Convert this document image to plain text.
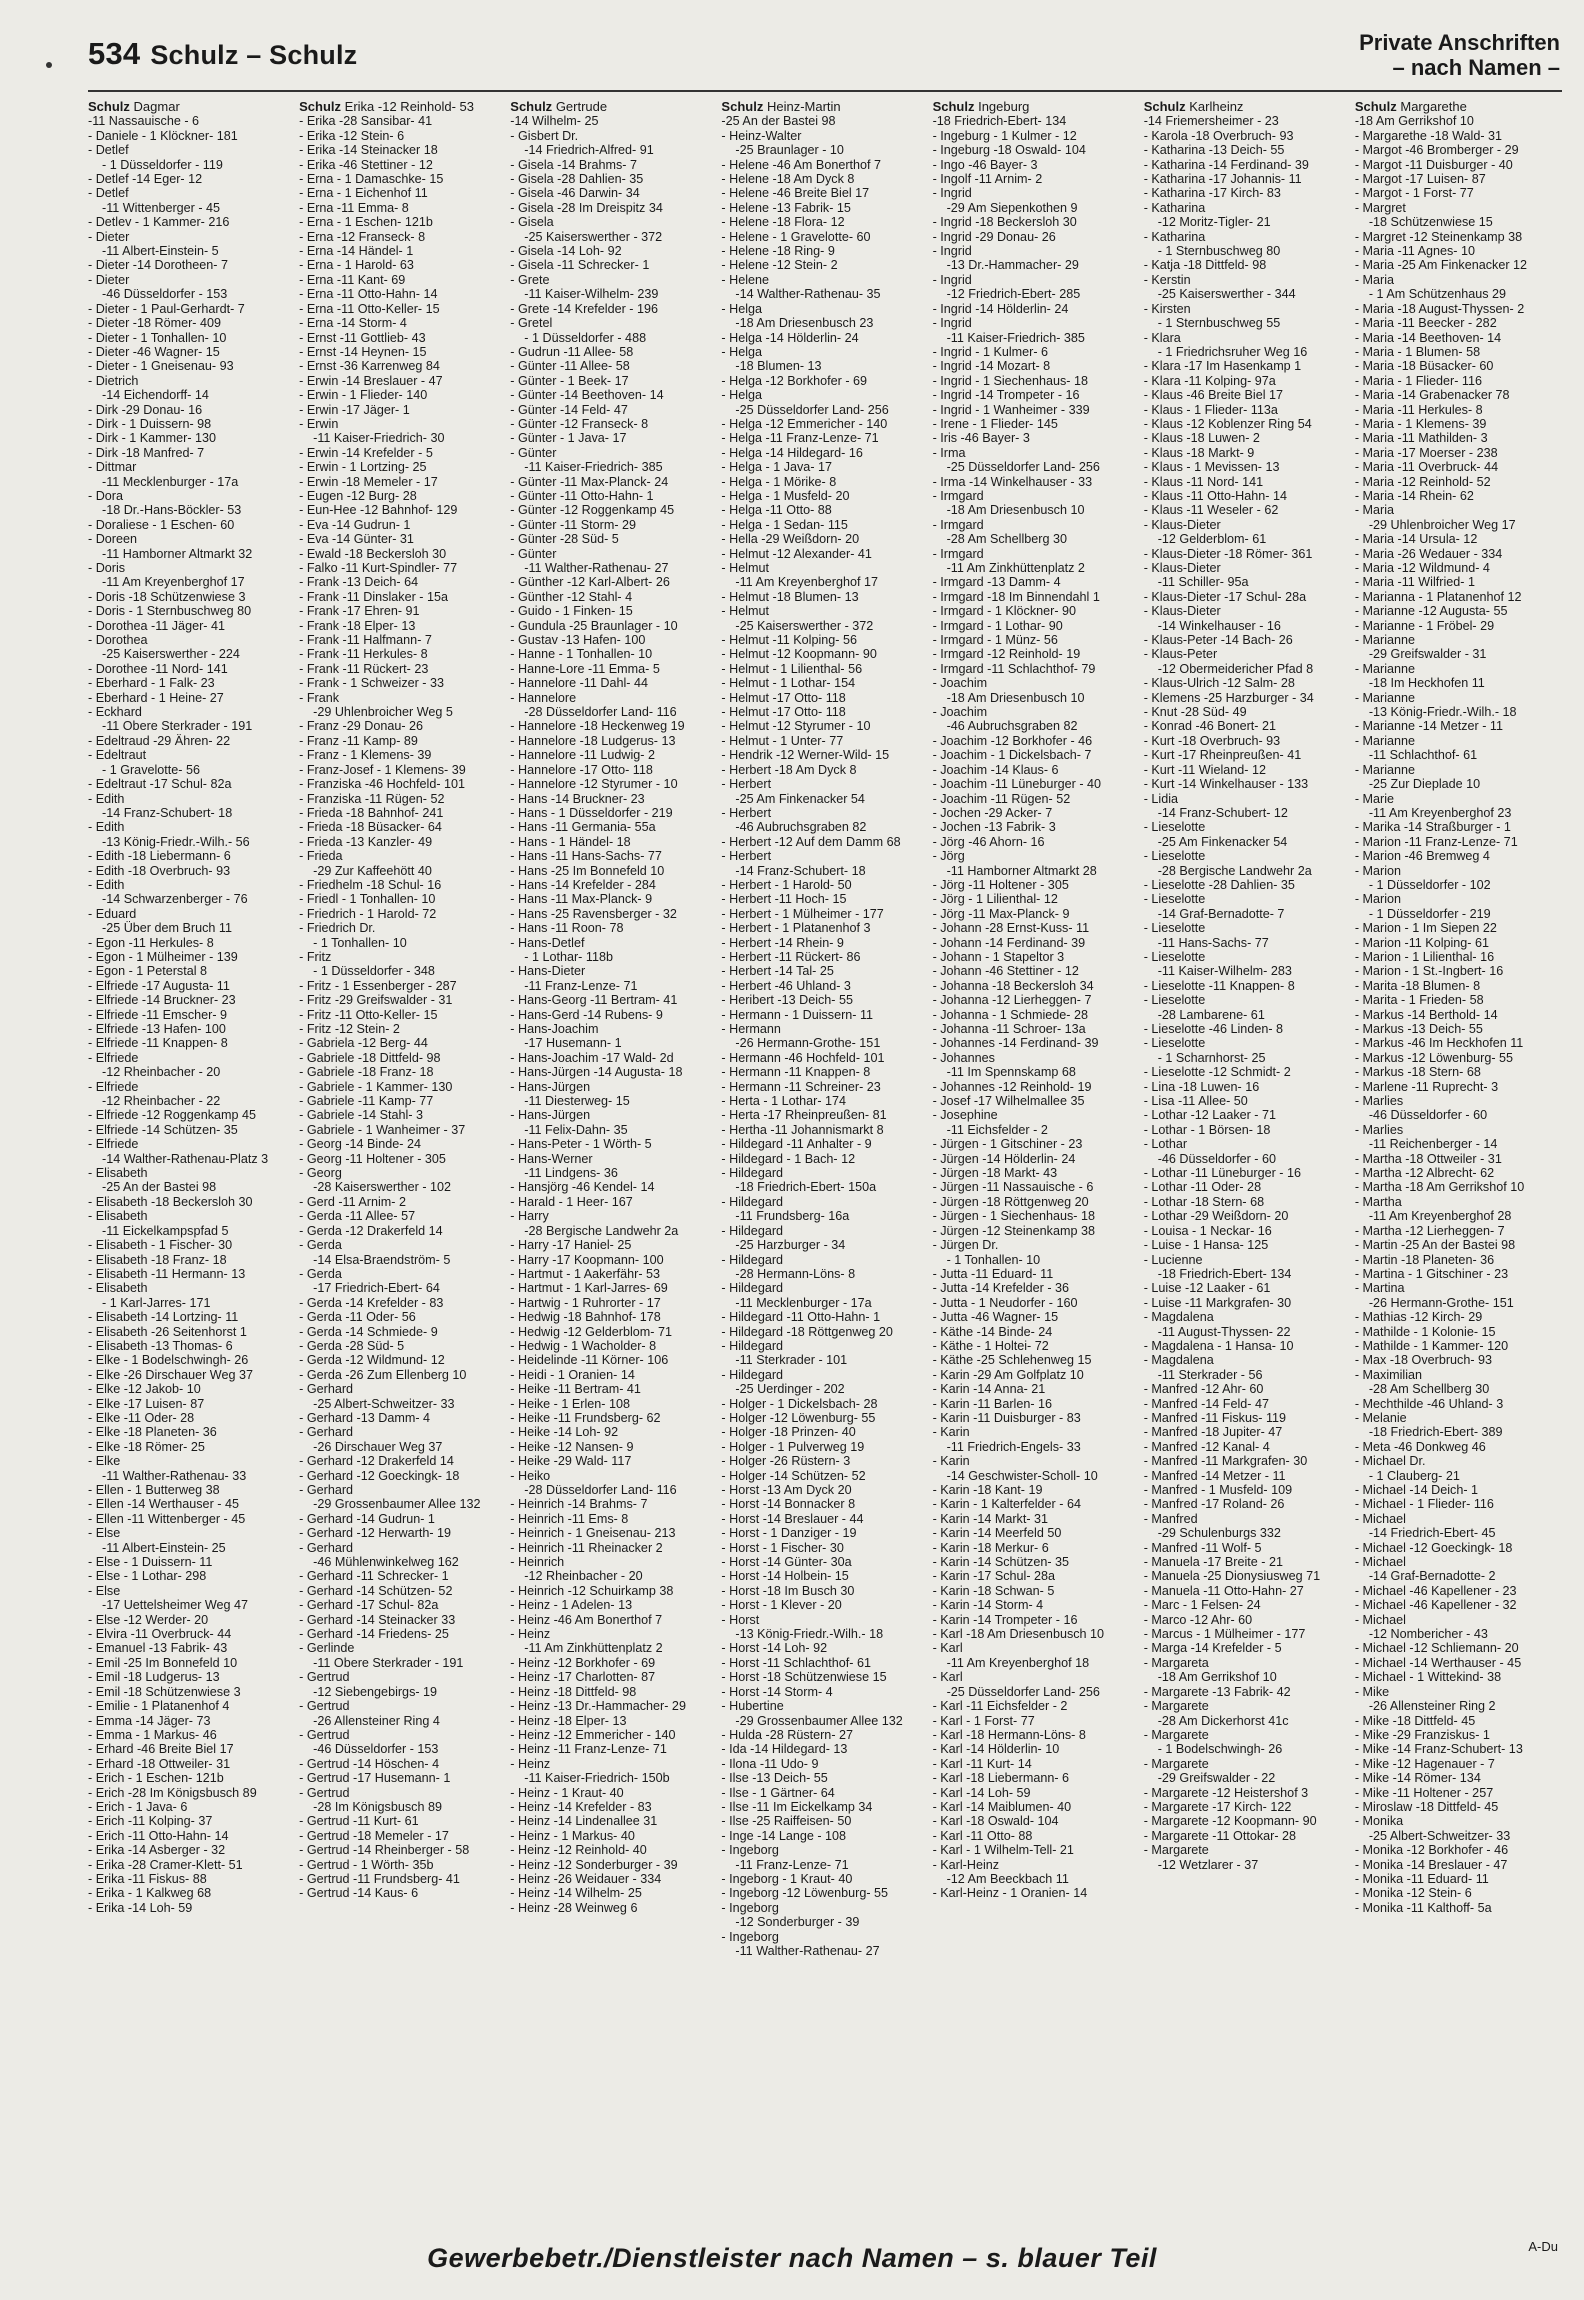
534 Schulz – Schulz	Private Anschriften
– nach Namen –
Schulz Dagmar
-11 Nassauische - 6
- Daniele - 1 Klöckner- 181
- Detlef
- 1 Düsseldorfer - 119
- Detlef -14 Eger- 12
- Detlef
-11 Wittenberger - 45
- Detlev - 1 Kammer- 216
- Dieter
-11 Albert-Einstein- 5
- Dieter -14 Dorotheen- 7
- Dieter
-46 Düsseldorfer - 153
- Dieter - 1 Paul-Gerhardt- 7
- Dieter -18 Römer- 409
- Dieter - 1 Tonhallen- 10
- Dieter -46 Wagner- 15
- Dieter - 1 Gneisenau- 93
- Dietrich
-14 Eichendorff- 14
- Dirk -29 Donau- 16
- Dirk - 1 Duissern- 98
- Dirk - 1 Kammer- 130
- Dirk -18 Manfred- 7
- Dittmar
-11 Mecklenburger - 17a
- Dora
-18 Dr.-Hans-Böckler- 53
- Doraliese - 1 Eschen- 60
- Doreen
-11 Hamborner Altmarkt 32
- Doris
-11 Am Kreyenberghof 17
- Doris -18 Schützenwiese 3
- Doris - 1 Sternbuschweg 80
- Dorothea -11 Jäger- 41
- Dorothea
-25 Kaiserswerther - 224
- Dorothee -11 Nord- 141
- Eberhard - 1 Falk- 23
- Eberhard - 1 Heine- 27
- Eckhard
-11 Obere Sterkrader - 191
- Edeltraud -29 Ähren- 22
- Edeltraut
- 1 Gravelotte- 56
- Edeltraut -17 Schul- 82a
- Edith
-14 Franz-Schubert- 18
- Edith
-13 König-Friedr.-Wilh.- 56
- Edith -18 Liebermann- 6
- Edith -18 Overbruch- 93
- Edith
-14 Schwarzenberger - 76
- Eduard
-25 Über dem Bruch 11
- Egon -11 Herkules- 8
- Egon - 1 Mülheimer - 139
- Egon - 1 Peterstal 8
- Elfriede -17 Augusta- 11
- Elfriede -14 Bruckner- 23
- Elfriede -11 Emscher- 9
- Elfriede -13 Hafen- 100
- Elfriede -11 Knappen- 8
- Elfriede
-12 Rheinbacher - 20
- Elfriede
-12 Rheinbacher - 22
- Elfriede -12 Roggenkamp 45
- Elfriede -14 Schützen- 35
- Elfriede
-14 Walther-Rathenau-Platz 3
- Elisabeth
-25 An der Bastei 98
- Elisabeth -18 Beckersloh 30
- Elisabeth
-11 Eickelkampspfad 5
- Elisabeth - 1 Fischer- 30
- Elisabeth -18 Franz- 18
- Elisabeth -11 Hermann- 13
- Elisabeth
- 1 Karl-Jarres- 171
- Elisabeth -14 Lortzing- 11
- Elisabeth -26 Seitenhorst 1
- Elisabeth -13 Thomas- 6
- Elke - 1 Bodelschwingh- 26
- Elke -26 Dirschauer Weg 37
- Elke -12 Jakob- 10
- Elke -17 Luisen- 87
- Elke -11 Oder- 28
- Elke -18 Planeten- 36
- Elke -18 Römer- 25
- Elke
-11 Walther-Rathenau- 33
- Ellen - 1 Butterweg 38
- Ellen -14 Werthauser - 45
- Ellen -11 Wittenberger - 45
- Else
-11 Albert-Einstein- 25
- Else - 1 Duissern- 11
- Else - 1 Lothar- 298
- Else
-17 Uettelsheimer Weg 47
- Else -12 Werder- 20
- Elvira -11 Overbruck- 44
- Emanuel -13 Fabrik- 43
- Emil -25 Im Bonnefeld 10
- Emil -18 Ludgerus- 13
- Emil -18 Schützenwiese 3
- Emilie - 1 Platanenhof 4
- Emma -14 Jäger- 73
- Emma - 1 Markus- 46
- Erhard -46 Breite Biel 17
- Erhard -18 Ottweiler- 31
- Erich - 1 Eschen- 121b
- Erich -28 Im Königsbusch 89
- Erich - 1 Java- 6
- Erich -11 Kolping- 37
- Erich -11 Otto-Hahn- 14
- Erika -14 Asberger - 32
- Erika -28 Cramer-Klett- 51
- Erika -11 Fiskus- 88
- Erika - 1 Kalkweg 68
- Erika -14 Loh- 59
Schulz Erika -12 Reinhold- 53
- Erika -28 Sansibar- 41
- Erika -12 Stein- 6
- Erika -14 Steinacker 18
- Erika -46 Stettiner - 12
- Erna - 1 Damaschke- 15
- Erna - 1 Eichenhof 11
- Erna -11 Emma- 8
- Erna - 1 Eschen- 121b
- Erna -12 Franseck- 8
- Erna -14 Händel- 1
- Erna - 1 Harold- 63
- Erna -11 Kant- 69
- Erna -11 Otto-Hahn- 14
- Erna -11 Otto-Keller- 15
- Erna -14 Storm- 4
- Ernst -11 Gottlieb- 43
- Ernst -14 Heynen- 15
- Ernst -36 Karrenweg 84
- Erwin -14 Breslauer - 47
- Erwin - 1 Flieder- 140
- Erwin -17 Jäger- 1
- Erwin
-11 Kaiser-Friedrich- 30
- Erwin -14 Krefelder - 5
- Erwin - 1 Lortzing- 25
- Erwin -18 Memeler - 17
- Eugen -12 Burg- 28
- Eun-Hee -12 Bahnhof- 129
- Eva -14 Gudrun- 1
- Eva -14 Günter- 31
- Ewald -18 Beckersloh 30
- Falko -11 Kurt-Spindler- 77
- Frank -13 Deich- 64
- Frank -11 Dinslaker - 15a
- Frank -17 Ehren- 91
- Frank -18 Elper- 13
- Frank -11 Halfmann- 7
- Frank -11 Herkules- 8
- Frank -11 Rückert- 23
- Frank - 1 Schweizer - 33
- Frank
-29 Uhlenbroicher Weg 5
- Franz -29 Donau- 26
- Franz -11 Kamp- 89
- Franz - 1 Klemens- 39
- Franz-Josef - 1 Klemens- 39
- Franziska -46 Hochfeld- 101
- Franziska -11 Rügen- 52
- Frieda -18 Bahnhof- 241
- Frieda -18 Büsacker- 64
- Frieda -13 Kanzler- 49
- Frieda
-29 Zur Kaffeehött 40
- Friedhelm -18 Schul- 16
- Friedl - 1 Tonhallen- 10
- Friedrich - 1 Harold- 72
- Friedrich Dr.
- 1 Tonhallen- 10
- Fritz
- 1 Düsseldorfer - 348
- Fritz - 1 Essenberger - 287
- Fritz -29 Greifswalder - 31
- Fritz -11 Otto-Keller- 15
- Fritz -12 Stein- 2
- Gabriela -12 Berg- 44
- Gabriele -18 Dittfeld- 98
- Gabriele -18 Franz- 18
- Gabriele - 1 Kammer- 130
- Gabriele -11 Kamp- 77
- Gabriele -14 Stahl- 3
- Gabriele - 1 Wanheimer - 37
- Georg -14 Binde- 24
- Georg -11 Holtener - 305
- Georg
-28 Kaiserswerther - 102
- Gerd -11 Arnim- 2
- Gerda -11 Allee- 57
- Gerda -12 Drakerfeld 14
- Gerda
-14 Elsa-Braendström- 5
- Gerda
-17 Friedrich-Ebert- 64
- Gerda -14 Krefelder - 83
- Gerda -11 Oder- 56
- Gerda -14 Schmiede- 9
- Gerda -28 Süd- 5
- Gerda -12 Wildmund- 12
- Gerda -26 Zum Ellenberg 10
- Gerhard
-25 Albert-Schweitzer- 33
- Gerhard -13 Damm- 4
- Gerhard
-26 Dirschauer Weg 37
- Gerhard -12 Drakerfeld 14
- Gerhard -12 Goeckingk- 18
- Gerhard
-29 Grossenbaumer Allee 132
- Gerhard -14 Gudrun- 1
- Gerhard -12 Herwarth- 19
- Gerhard
-46 Mühlenwinkelweg 162
- Gerhard -11 Schrecker- 1
- Gerhard -14 Schützen- 52
- Gerhard -17 Schul- 82a
- Gerhard -14 Steinacker 33
- Gerhard -14 Friedens- 25
- Gerlinde
-11 Obere Sterkrader - 191
- Gertrud
-12 Siebengebirgs- 19
- Gertrud
-26 Allensteiner Ring 4
- Gertrud
-46 Düsseldorfer - 153
- Gertrud -14 Höschen- 4
- Gertrud -17 Husemann- 1
- Gertrud
-28 Im Königsbusch 89
- Gertrud -11 Kurt- 61
- Gertrud -18 Memeler - 17
- Gertrud -14 Rheinberger - 58
- Gertrud - 1 Wörth- 35b
- Gertrud -11 Frundsberg- 41
- Gertrud -14 Kaus- 6
Schulz Gertrude
-14 Wilhelm- 25
- Gisbert Dr.
-14 Friedrich-Alfred- 91
- Gisela -14 Brahms- 7
- Gisela -28 Dahlien- 35
- Gisela -46 Darwin- 34
- Gisela -28 Im Dreispitz 34
- Gisela
-25 Kaiserswerther - 372
- Gisela -14 Loh- 92
- Gisela -11 Schrecker- 1
- Grete
-11 Kaiser-Wilhelm- 239
- Grete -14 Krefelder - 196
- Gretel
- 1 Düsseldorfer - 488
- Gudrun -11 Allee- 58
- Günter -11 Allee- 58
- Günter - 1 Beek- 17
- Günter -14 Beethoven- 14
- Günter -14 Feld- 47
- Günter -12 Franseck- 8
- Günter - 1 Java- 17
- Günter
-11 Kaiser-Friedrich- 385
- Günter -11 Max-Planck- 24
- Günter -11 Otto-Hahn- 1
- Günter -12 Roggenkamp 45
- Günter -11 Storm- 29
- Günter -28 Süd- 5
- Günter
-11 Walther-Rathenau- 27
- Günther -12 Karl-Albert- 26
- Günther -12 Stahl- 4
- Guido - 1 Finken- 15
- Gundula -25 Braunlager - 10
- Gustav -13 Hafen- 100
- Hanne - 1 Tonhallen- 10
- Hanne-Lore -11 Emma- 5
- Hannelore -11 Dahl- 44
- Hannelore
-28 Düsseldorfer Land- 116
- Hannelore -18 Heckenweg 19
- Hannelore -18 Ludgerus- 13
- Hannelore -11 Ludwig- 2
- Hannelore -17 Otto- 118
- Hannelore -12 Styrumer - 10
- Hans -14 Bruckner- 23
- Hans - 1 Düsseldorfer - 219
- Hans -11 Germania- 55a
- Hans - 1 Händel- 18
- Hans -11 Hans-Sachs- 77
- Hans -25 Im Bonnefeld 10
- Hans -14 Krefelder - 284
- Hans -11 Max-Planck- 9
- Hans -25 Ravensberger - 32
- Hans -11 Roon- 78
- Hans-Detlef
- 1 Lothar- 118b
- Hans-Dieter
-11 Franz-Lenze- 71
- Hans-Georg -11 Bertram- 41
- Hans-Gerd -14 Rubens- 9
- Hans-Joachim
-17 Husemann- 1
- Hans-Joachim -17 Wald- 2d
- Hans-Jürgen -14 Augusta- 18
- Hans-Jürgen
-11 Diesterweg- 15
- Hans-Jürgen
-11 Felix-Dahn- 35
- Hans-Peter - 1 Wörth- 5
- Hans-Werner
-11 Lindgens- 36
- Hansjörg -46 Kendel- 14
- Harald - 1 Heer- 167
- Harry
-28 Bergische Landwehr 2a
- Harry -17 Haniel- 25
- Harry -17 Koopmann- 100
- Hartmut - 1 Aakerfähr- 53
- Hartmut - 1 Karl-Jarres- 69
- Hartwig - 1 Ruhrorter - 17
- Hedwig -18 Bahnhof- 178
- Hedwig -12 Gelderblom- 71
- Hedwig - 1 Wacholder- 8
- Heidelinde -11 Körner- 106
- Heidi - 1 Oranien- 14
- Heike -11 Bertram- 41
- Heike - 1 Erlen- 108
- Heike -11 Frundsberg- 62
- Heike -14 Loh- 92
- Heike -12 Nansen- 9
- Heike -29 Wald- 117
- Heiko
-28 Düsseldorfer Land- 116
- Heinrich -14 Brahms- 7
- Heinrich -11 Ems- 8
- Heinrich - 1 Gneisenau- 213
- Heinrich -11 Rheinacker 2
- Heinrich
-12 Rheinbacher - 20
- Heinrich -12 Schuirkamp 38
- Heinz - 1 Adelen- 13
- Heinz -46 Am Bonerthof 7
- Heinz
-11 Am Zinkhüttenplatz 2
- Heinz -12 Borkhofer - 69
- Heinz -17 Charlotten- 87
- Heinz -18 Dittfeld- 98
- Heinz -13 Dr.-Hammacher- 29
- Heinz -18 Elper- 13
- Heinz -12 Emmericher - 140
- Heinz -11 Franz-Lenze- 71
- Heinz
-11 Kaiser-Friedrich- 150b
- Heinz - 1 Kraut- 40
- Heinz -14 Krefelder - 83
- Heinz -14 Lindenallee 31
- Heinz - 1 Markus- 40
- Heinz -12 Reinhold- 40
- Heinz -12 Sonderburger - 39
- Heinz -26 Weidauer - 334
- Heinz -14 Wilhelm- 25
- Heinz -28 Weinweg 6
Schulz Heinz-Martin
-25 An der Bastei 98
- Heinz-Walter
-25 Braunlager - 10
- Helene -46 Am Bonerthof 7
- Helene -18 Am Dyck 8
- Helene -46 Breite Biel 17
- Helene -13 Fabrik- 15
- Helene -18 Flora- 12
- Helene - 1 Gravelotte- 60
- Helene -18 Ring- 9
- Helene -12 Stein- 2
- Helene
-14 Walther-Rathenau- 35
- Helga
-18 Am Driesenbusch 23
- Helga -14 Hölderlin- 24
- Helga
-18 Blumen- 13
- Helga -12 Borkhofer - 69
- Helga
-25 Düsseldorfer Land- 256
- Helga -12 Emmericher - 140
- Helga -11 Franz-Lenze- 71
- Helga -14 Hildegard- 16
- Helga - 1 Java- 17
- Helga - 1 Mörike- 8
- Helga - 1 Musfeld- 20
- Helga -11 Otto- 88
- Helga - 1 Sedan- 115
- Hella -29 Weißdorn- 20
- Helmut -12 Alexander- 41
- Helmut
-11 Am Kreyenberghof 17
- Helmut -18 Blumen- 13
- Helmut
-25 Kaiserswerther - 372
- Helmut -11 Kolping- 56
- Helmut -12 Koopmann- 90
- Helmut - 1 Lilienthal- 56
- Helmut - 1 Lothar- 154
- Helmut -17 Otto- 118
- Helmut -17 Otto- 118
- Helmut -12 Styrumer - 10
- Helmut - 1 Unter- 77
- Hendrik -12 Werner-Wild- 15
- Herbert -18 Am Dyck 8
- Herbert
-25 Am Finkenacker 54
- Herbert
-46 Aubruchsgraben 82
- Herbert -12 Auf dem Damm 68
- Herbert
-14 Franz-Schubert- 18
- Herbert - 1 Harold- 50
- Herbert -11 Hoch- 15
- Herbert - 1 Mülheimer - 177
- Herbert - 1 Platanenhof 3
- Herbert -14 Rhein- 9
- Herbert -11 Rückert- 86
- Herbert -14 Tal- 25
- Herbert -46 Uhland- 3
- Heribert -13 Deich- 55
- Hermann - 1 Duissern- 11
- Hermann
-26 Hermann-Grothe- 151
- Hermann -46 Hochfeld- 101
- Hermann -11 Knappen- 8
- Hermann -11 Schreiner- 23
- Herta - 1 Lothar- 174
- Herta -17 Rheinpreußen- 81
- Hertha -11 Johannismarkt 8
- Hildegard -11 Anhalter - 9
- Hildegard - 1 Bach- 12
- Hildegard
-18 Friedrich-Ebert- 150a
- Hildegard
-11 Frundsberg- 16a
- Hildegard
-25 Harzburger - 34
- Hildegard
-28 Hermann-Löns- 8
- Hildegard
-11 Mecklenburger - 17a
- Hildegard -11 Otto-Hahn- 1
- Hildegard -18 Röttgenweg 20
- Hildegard
-11 Sterkrader - 101
- Hildegard
-25 Uerdinger - 202
- Holger - 1 Dickelsbach- 28
- Holger -12 Löwenburg- 55
- Holger -18 Prinzen- 40
- Holger - 1 Pulverweg 19
- Holger -26 Rüstern- 3
- Holger -14 Schützen- 52
- Horst -13 Am Dyck 20
- Horst -14 Bonnacker 8
- Horst -14 Breslauer - 44
- Horst - 1 Danziger - 19
- Horst - 1 Fischer- 30
- Horst -14 Günter- 30a
- Horst -14 Holbein- 15
- Horst -18 Im Busch 30
- Horst - 1 Klever - 20
- Horst
-13 König-Friedr.-Wilh.- 18
- Horst -14 Loh- 92
- Horst -11 Schlachthof- 61
- Horst -18 Schützenwiese 15
- Horst -14 Storm- 4
- Hubertine
-29 Grossenbaumer Allee 132
- Hulda -28 Rüstern- 27
- Ida -14 Hildegard- 13
- Ilona -11 Udo- 9
- Ilse -13 Deich- 55
- Ilse - 1 Gärtner- 64
- Ilse -11 Im Eickelkamp 34
- Ilse -25 Raiffeisen- 50
- Inge -14 Lange - 108
- Ingeborg
-11 Franz-Lenze- 71
- Ingeborg - 1 Kraut- 40
- Ingeborg -12 Löwenburg- 55
- Ingeborg
-12 Sonderburger - 39
- Ingeborg
-11 Walther-Rathenau- 27
Schulz Ingeburg
-18 Friedrich-Ebert- 134
- Ingeburg - 1 Kulmer - 12
- Ingeburg -18 Oswald- 104
- Ingo -46 Bayer- 3
- Ingolf -11 Arnim- 2
- Ingrid
-29 Am Siepenkothen 9
- Ingrid -18 Beckersloh 30
- Ingrid -29 Donau- 26
- Ingrid
-13 Dr.-Hammacher- 29
- Ingrid
-12 Friedrich-Ebert- 285
- Ingrid -14 Hölderlin- 24
- Ingrid
-11 Kaiser-Friedrich- 385
- Ingrid - 1 Kulmer- 6
- Ingrid -14 Mozart- 8
- Ingrid - 1 Siechenhaus- 18
- Ingrid -14 Trompeter - 16
- Ingrid - 1 Wanheimer - 339
- Irene - 1 Flieder- 145
- Iris -46 Bayer- 3
- Irma
-25 Düsseldorfer Land- 256
- Irma -14 Winkelhauser - 33
- Irmgard
-18 Am Driesenbusch 10
- Irmgard
-28 Am Schellberg 30
- Irmgard
-11 Am Zinkhüttenplatz 2
- Irmgard -13 Damm- 4
- Irmgard -18 Im Binnendahl 1
- Irmgard - 1 Klöckner- 90
- Irmgard - 1 Lothar- 90
- Irmgard - 1 Münz- 56
- Irmgard -12 Reinhold- 19
- Irmgard -11 Schlachthof- 79
- Joachim
-18 Am Driesenbusch 10
- Joachim
-46 Aubruchsgraben 82
- Joachim -12 Borkhofer - 46
- Joachim - 1 Dickelsbach- 7
- Joachim -14 Klaus- 6
- Joachim -11 Lüneburger - 40
- Joachim -11 Rügen- 52
- Jochen -29 Acker- 7
- Jochen -13 Fabrik- 3
- Jörg -46 Ahorn- 16
- Jörg
-11 Hamborner Altmarkt 28
- Jörg -11 Holtener - 305
- Jörg - 1 Lilienthal- 12
- Jörg -11 Max-Planck- 9
- Johann -28 Ernst-Kuss- 11
- Johann -14 Ferdinand- 39
- Johann - 1 Stapeltor 3
- Johann -46 Stettiner - 12
- Johanna -18 Beckersloh 34
- Johanna -12 Lierheggen- 7
- Johanna - 1 Schmiede- 28
- Johanna -11 Schroer- 13a
- Johannes -14 Ferdinand- 39
- Johannes
-11 Im Spennskamp 68
- Johannes -12 Reinhold- 19
- Josef -17 Wilhelmallee 35
- Josephine
-11 Eichsfelder - 2
- Jürgen - 1 Gitschiner - 23
- Jürgen -14 Hölderlin- 24
- Jürgen -18 Markt- 43
- Jürgen -11 Nassauische - 6
- Jürgen -18 Röttgenweg 20
- Jürgen - 1 Siechenhaus- 18
- Jürgen -12 Steinenkamp 38
- Jürgen Dr.
- 1 Tonhallen- 10
- Jutta -11 Eduard- 11
- Jutta -14 Krefelder - 36
- Jutta - 1 Neudorfer - 160
- Jutta -46 Wagner- 15
- Käthe -14 Binde- 24
- Käthe - 1 Holtei- 72
- Käthe -25 Schlehenweg 15
- Karin -29 Am Golfplatz 10
- Karin -14 Anna- 21
- Karin -11 Barlen- 16
- Karin -11 Duisburger - 83
- Karin
-11 Friedrich-Engels- 33
- Karin
-14 Geschwister-Scholl- 10
- Karin -18 Kant- 19
- Karin - 1 Kalterfelder - 64
- Karin -14 Markt- 31
- Karin -14 Meerfeld 50
- Karin -18 Merkur- 6
- Karin -14 Schützen- 35
- Karin -17 Schul- 28a
- Karin -18 Schwan- 5
- Karin -14 Storm- 4
- Karin -14 Trompeter - 16
- Karl -18 Am Driesenbusch 10
- Karl
-11 Am Kreyenberghof 18
- Karl
-25 Düsseldorfer Land- 256
- Karl -11 Eichsfelder - 2
- Karl - 1 Forst- 77
- Karl -18 Hermann-Löns- 8
- Karl -14 Hölderlin- 10
- Karl -11 Kurt- 14
- Karl -18 Liebermann- 6
- Karl -14 Loh- 59
- Karl -14 Maiblumen- 40
- Karl -18 Oswald- 104
- Karl -11 Otto- 88
- Karl - 1 Wilhelm-Tell- 21
- Karl-Heinz
-12 Am Beeckbach 11
- Karl-Heinz - 1 Oranien- 14
Schulz Karlheinz
-14 Friemersheimer - 23
- Karola -18 Overbruch- 93
- Katharina -13 Deich- 55
- Katharina -14 Ferdinand- 39
- Katharina -17 Johannis- 11
- Katharina -17 Kirch- 83
- Katharina
-12 Moritz-Tigler- 21
- Katharina
- 1 Sternbuschweg 80
- Katja -18 Dittfeld- 98
- Kerstin
-25 Kaiserswerther - 344
- Kirsten
- 1 Sternbuschweg 55
- Klara
- 1 Friedrichsruher Weg 16
- Klara -17 Im Hasenkamp 1
- Klara -11 Kolping- 97a
- Klaus -46 Breite Biel 17
- Klaus - 1 Flieder- 113a
- Klaus -12 Koblenzer Ring 54
- Klaus -18 Luwen- 2
- Klaus -18 Markt- 9
- Klaus - 1 Mevissen- 13
- Klaus -11 Nord- 141
- Klaus -11 Otto-Hahn- 14
- Klaus -11 Weseler - 62
- Klaus-Dieter
-12 Gelderblom- 61
- Klaus-Dieter -18 Römer- 361
- Klaus-Dieter
-11 Schiller- 95a
- Klaus-Dieter -17 Schul- 28a
- Klaus-Dieter
-14 Winkelhauser - 16
- Klaus-Peter -14 Bach- 26
- Klaus-Peter
-12 Obermeidericher Pfad 8
- Klaus-Ulrich -12 Salm- 28
- Klemens -25 Harzburger - 34
- Knut -28 Süd- 49
- Konrad -46 Bonert- 21
- Kurt -18 Overbruch- 93
- Kurt -17 Rheinpreußen- 41
- Kurt -11 Wieland- 12
- Kurt -14 Winkelhauser - 133
- Lidia
-14 Franz-Schubert- 12
- Lieselotte
-25 Am Finkenacker 54
- Lieselotte
-28 Bergische Landwehr 2a
- Lieselotte -28 Dahlien- 35
- Lieselotte
-14 Graf-Bernadotte- 7
- Lieselotte
-11 Hans-Sachs- 77
- Lieselotte
-11 Kaiser-Wilhelm- 283
- Lieselotte -11 Knappen- 8
- Lieselotte
-28 Lambarene- 61
- Lieselotte -46 Linden- 8
- Lieselotte
- 1 Scharnhorst- 25
- Lieselotte -12 Schmidt- 2
- Lina -18 Luwen- 16
- Lisa -11 Allee- 50
- Lothar -12 Laaker - 71
- Lothar - 1 Börsen- 18
- Lothar
-46 Düsseldorfer - 60
- Lothar -11 Lüneburger - 16
- Lothar -11 Oder- 28
- Lothar -18 Stern- 68
- Lothar -29 Weißdorn- 20
- Louisa - 1 Neckar- 16
- Luise - 1 Hansa- 125
- Lucienne
-18 Friedrich-Ebert- 134
- Luise -12 Laaker - 61
- Luise -11 Markgrafen- 30
- Magdalena
-11 August-Thyssen- 22
- Magdalena - 1 Hansa- 10
- Magdalena
-11 Sterkrader - 56
- Manfred -12 Ahr- 60
- Manfred -14 Feld- 47
- Manfred -11 Fiskus- 119
- Manfred -18 Jupiter- 47
- Manfred -12 Kanal- 4
- Manfred -11 Markgrafen- 30
- Manfred -14 Metzer - 11
- Manfred - 1 Musfeld- 109
- Manfred -17 Roland- 26
- Manfred
-29 Schulenburgs 332
- Manfred -11 Wolf- 5
- Manuela -17 Breite - 21
- Manuela -25 Dionysiusweg 71
- Manuela -11 Otto-Hahn- 27
- Marc - 1 Felsen- 24
- Marco -12 Ahr- 60
- Marcus - 1 Mülheimer - 177
- Marga -14 Krefelder - 5
- Margareta
-18 Am Gerrikshof 10
- Margarete -13 Fabrik- 42
- Margarete
-28 Am Dickerhorst 41c
- Margarete
- 1 Bodelschwingh- 26
- Margarete
-29 Greifswalder - 22
- Margarete -12 Heistershof 3
- Margarete -17 Kirch- 122
- Margarete -12 Koopmann- 90
- Margarete -11 Ottokar- 28
- Margarete
-12 Wetzlarer - 37
Schulz Margarethe
-18 Am Gerrikshof 10
- Margarethe -18 Wald- 31
- Margot -46 Bromberger - 29
- Margot -11 Duisburger - 40
- Margot -17 Luisen- 87
- Margot - 1 Forst- 77
- Margret
-18 Schützenwiese 15
- Margret -12 Steinenkamp 38
- Maria -11 Agnes- 10
- Maria -25 Am Finkenacker 12
- Maria
- 1 Am Schützenhaus 29
- Maria -18 August-Thyssen- 2
- Maria -11 Beecker - 282
- Maria -14 Beethoven- 14
- Maria - 1 Blumen- 58
- Maria -18 Büsacker- 60
- Maria - 1 Flieder- 116
- Maria -14 Grabenacker 78
- Maria -11 Herkules- 8
- Maria - 1 Klemens- 39
- Maria -11 Mathilden- 3
- Maria -17 Moerser - 238
- Maria -11 Overbruck- 44
- Maria -12 Reinhold- 52
- Maria -14 Rhein- 62
- Maria
-29 Uhlenbroicher Weg 17
- Maria -14 Ursula- 12
- Maria -26 Wedauer - 334
- Maria -12 Wildmund- 4
- Maria -11 Wilfried- 1
- Marianna - 1 Platanenhof 12
- Marianne -12 Augusta- 55
- Marianne - 1 Fröbel- 29
- Marianne
-29 Greifswalder - 31
- Marianne
-18 Im Heckhofen 11
- Marianne
-13 König-Friedr.-Wilh.- 18
- Marianne -14 Metzer - 11
- Marianne
-11 Schlachthof- 61
- Marianne
-25 Zur Dieplade 10
- Marie
-11 Am Kreyenberghof 23
- Marika -14 Straßburger - 1
- Marion -11 Franz-Lenze- 71
- Marion -46 Bremweg 4
- Marion
- 1 Düsseldorfer - 102
- Marion
- 1 Düsseldorfer - 219
- Marion - 1 Im Siepen 22
- Marion -11 Kolping- 61
- Marion - 1 Lilienthal- 16
- Marion - 1 St.-Ingbert- 16
- Marita -18 Blumen- 8
- Marita - 1 Frieden- 58
- Markus -14 Berthold- 14
- Markus -13 Deich- 55
- Markus -46 Im Heckhofen 11
- Markus -12 Löwenburg- 55
- Markus -18 Stern- 68
- Marlene -11 Ruprecht- 3
- Marlies
-46 Düsseldorfer - 60
- Marlies
-11 Reichenberger - 14
- Martha -18 Ottweiler - 31
- Martha -12 Albrecht- 62
- Martha -18 Am Gerrikshof 10
- Martha
-11 Am Kreyenberghof 28
- Martha -12 Lierheggen- 7
- Martin -25 An der Bastei 98
- Martin -18 Planeten- 36
- Martina - 1 Gitschiner - 23
- Martina
-26 Hermann-Grothe- 151
- Mathias -12 Kirch- 29
- Mathilde - 1 Kolonie- 15
- Mathilde - 1 Kammer- 120
- Max -18 Overbruch- 93
- Maximilian
-28 Am Schellberg 30
- Mechthilde -46 Uhland- 3
- Melanie
-18 Friedrich-Ebert- 389
- Meta -46 Donkweg 46
- Michael Dr.
- 1 Clauberg- 21
- Michael -14 Deich- 1
- Michael - 1 Flieder- 116
- Michael
-14 Friedrich-Ebert- 45
- Michael -12 Goeckingk- 18
- Michael
-14 Graf-Bernadotte- 2
- Michael -46 Kapellener - 23
- Michael -46 Kapellener - 32
- Michael
-12 Nombericher - 43
- Michael -12 Schliemann- 20
- Michael -14 Werthauser - 45
- Michael - 1 Wittekind- 38
- Mike
-26 Allensteiner Ring 2
- Mike -18 Dittfeld- 45
- Mike -29 Franziskus- 1
- Mike -14 Franz-Schubert- 13
- Mike -12 Hagenauer - 7
- Mike -14 Römer- 134
- Mike -11 Holtener - 257
- Miroslaw -18 Dittfeld- 45
- Monika
-25 Albert-Schweitzer- 33
- Monika -12 Borkhofer - 46
- Monika -14 Breslauer - 47
- Monika -11 Eduard- 11
- Monika -12 Stein- 6
- Monika -11 Kalthoff- 5a
Gewerbebetr./Dienstleister nach Namen – s. blauer Teil	A-Du
